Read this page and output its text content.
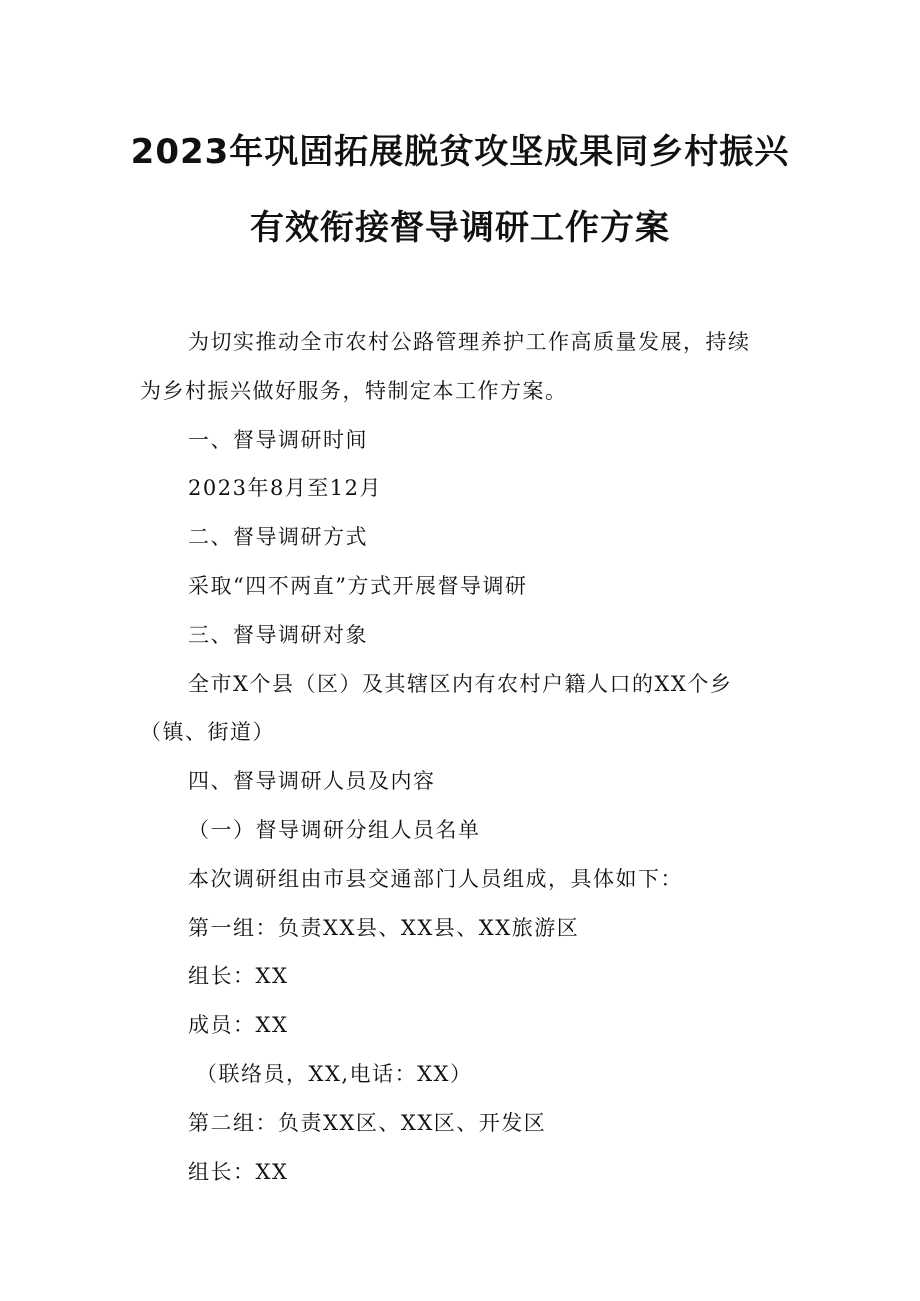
2023年巩固拓展脱贫攻坚成果同乡村振兴
有效衔接督导调研工作方案

为切实推动全市农村公路管理养护工作高质量发展，持续

为乡村振兴做好服务，特制定本工作方案。

一、督导调研时间

2023年8月至12月

二、督导调研方式

采取“四不两直”方式开展督导调研

三、督导调研对象

全市X个县（区）及其辖区内有农村户籍人口的XX个乡

（镇、街道）

四、督导调研人员及内容

（一）督导调研分组人员名单

本次调研组由市县交通部门人员组成，具体如下：

第一组：负责XX县、XX县、XX旅游区

组长：XX

成员：XX

（联络员，XX,电话：XX）

第二组：负责XX区、XX区、开发区

组长：XX
